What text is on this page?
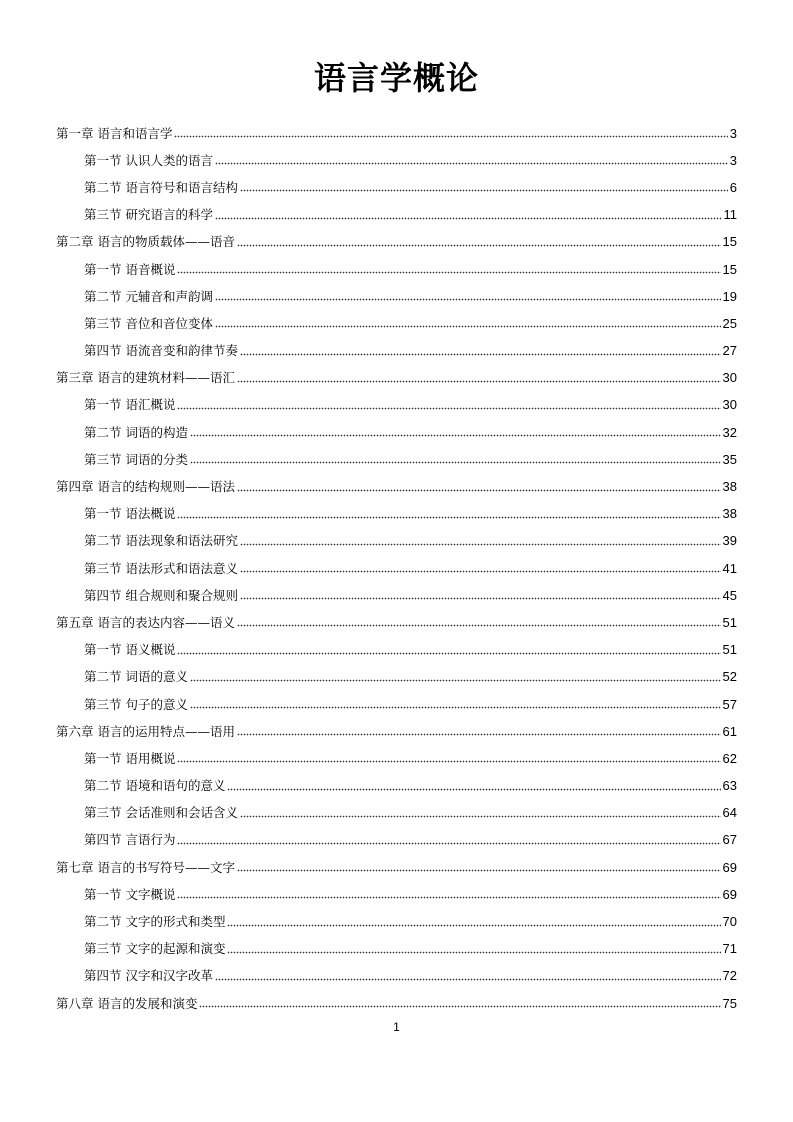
语言学概论
第一章 语言和语言学	3
第一节 认识人类的语言	3
第二节 语言符号和语言结构	6
第三节 研究语言的科学	11
第二章 语言的物质载体——语音	15
第一节 语音概说	15
第二节 元辅音和声韵调	19
第三节 音位和音位变体	25
第四节 语流音变和韵律节奏	27
第三章 语言的建筑材料——语汇	30
第一节 语汇概说	30
第二节 词语的构造	32
第三节 词语的分类	35
第四章 语言的结构规则——语法	38
第一节 语法概说	38
第二节 语法现象和语法研究	39
第三节 语法形式和语法意义	41
第四节 组合规则和聚合规则	45
第五章 语言的表达内容——语义	51
第一节 语义概说	51
第二节 词语的意义	52
第三节 句子的意义	57
第六章 语言的运用特点——语用	61
第一节 语用概说	62
第二节 语境和语句的意义	63
第三节 会话准则和会话含义	64
第四节 言语行为	67
第七章 语言的书写符号——文字	69
第一节 文字概说	69
第二节 文字的形式和类型	70
第三节 文字的起源和演变	71
第四节 汉字和汉字改革	72
第八章 语言的发展和演变	75
1
